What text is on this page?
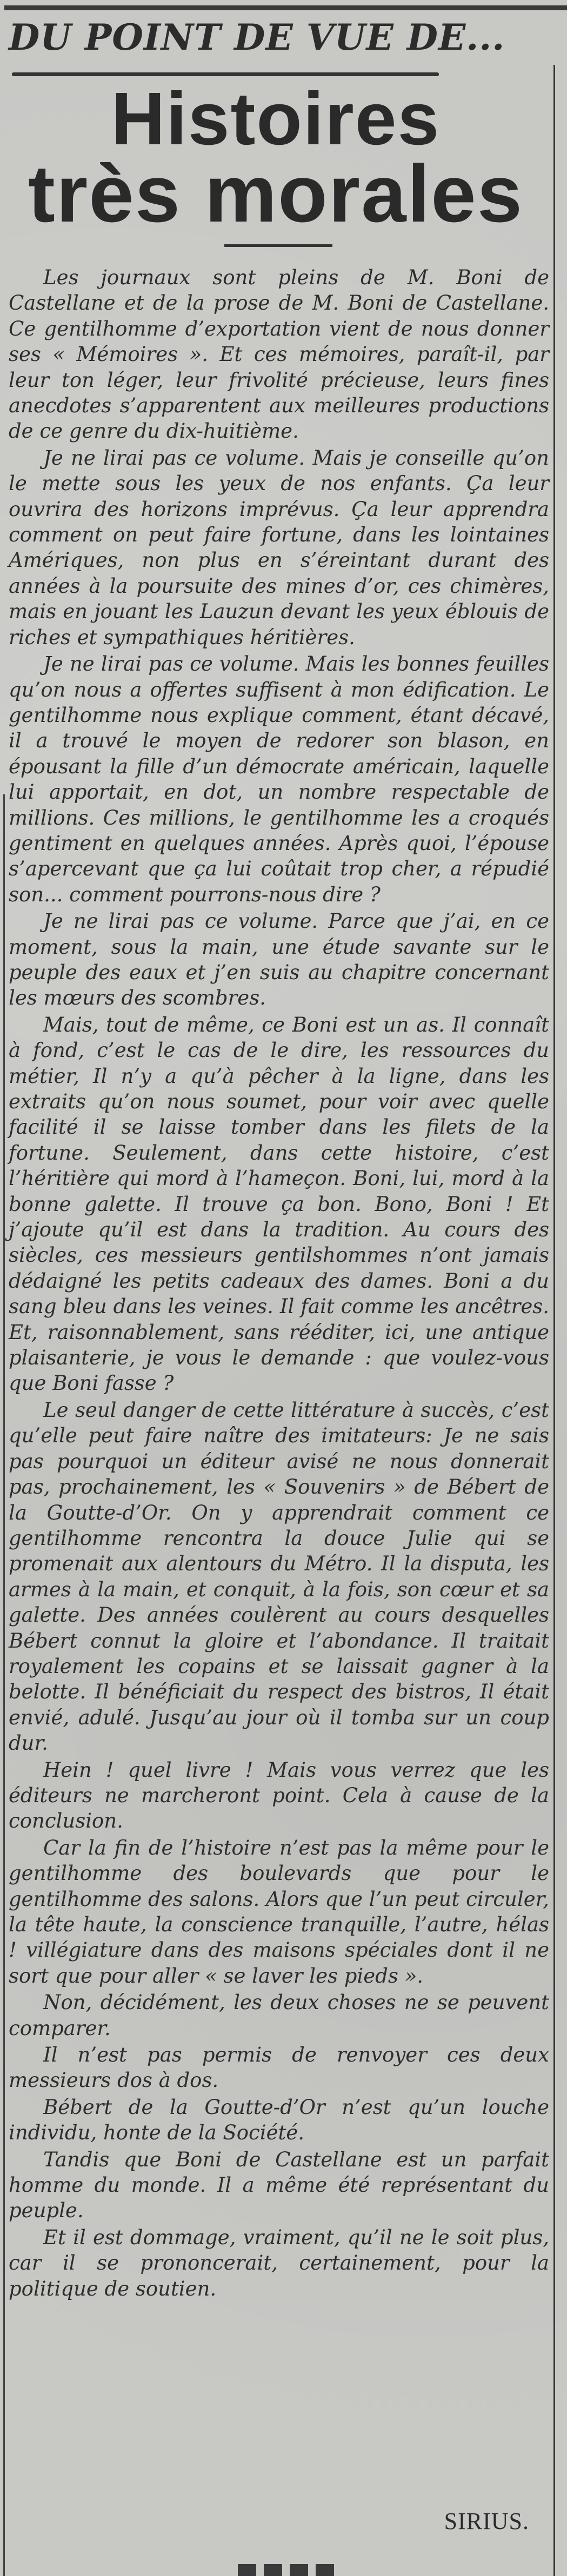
DU POINT DE VUE DE...
Histoires
très morales

Les journaux sont pleins de M. Boni de Castellane et de la prose de M. Boni de Castellane. Ce gentilhomme d’exportation vient de nous donner ses « Mémoires ». Et ces mémoires, paraît-il, par leur ton léger, leur frivolité précieuse, leurs fines anecdotes s’apparentent aux meilleures productions de ce genre du dix-huitième.

Je ne lirai pas ce volume. Mais je conseille qu’on le mette sous les yeux de nos enfants. Ça leur ouvrira des horizons imprévus. Ça leur apprendra comment on peut faire fortune, dans les lointaines Amériques, non plus en s’éreintant durant des années à la poursuite des mines d’or, ces chimères, mais en jouant les Lauzun devant les yeux éblouis de riches et sympathiques héritières.

Je ne lirai pas ce volume. Mais les bonnes feuilles qu’on nous a offertes suffisent à mon édification. Le gentilhomme nous explique comment, étant décavé, il a trouvé le moyen de redorer son blason, en épousant la fille d’un démocrate américain, laquelle lui apportait, en dot, un nombre respectable de millions. Ces millions, le gentilhomme les a croqués gentiment en quelques années. Après quoi, l’épouse s’apercevant que ça lui coûtait trop cher, a répudié son... comment pourrons-nous dire ?

Je ne lirai pas ce volume. Parce que j’ai, en ce moment, sous la main, une étude savante sur le peuple des eaux et j’en suis au chapitre concernant les mœurs des scombres.

Mais, tout de même, ce Boni est un as. Il connaît à fond, c’est le cas de le dire, les ressources du métier, Il n’y a qu’à pêcher à la ligne, dans les extraits qu’on nous soumet, pour voir avec quelle facilité il se laisse tomber dans les filets de la fortune. Seulement, dans cette histoire, c’est l’héritière qui mord à l’hameçon. Boni, lui, mord à la bonne galette. Il trouve ça bon. Bono, Boni ! Et j’ajoute qu’il est dans la tradition. Au cours des siècles, ces messieurs gentilshommes n’ont jamais dédaigné les petits cadeaux des dames. Boni a du sang bleu dans les veines. Il fait comme les ancêtres. Et, raisonnablement, sans rééditer, ici, une antique plaisanterie, je vous le demande : que voulez-vous que Boni fasse ?

Le seul danger de cette littérature à succès, c’est qu’elle peut faire naître des imitateurs: Je ne sais pas pourquoi un éditeur avisé ne nous donnerait pas, prochainement, les « Souvenirs » de Bébert de la Goutte-d’Or. On y apprendrait comment ce gentilhomme rencontra la douce Julie qui se promenait aux alentours du Métro. Il la disputa, les armes à la main, et conquit, à la fois, son cœur et sa galette. Des années coulèrent au cours desquelles Bébert connut la gloire et l’abondance. Il traitait royalement les copains et se laissait gagner à la belotte. Il bénéficiait du respect des bistros, Il était envié, adulé. Jusqu’au jour où il tomba sur un coup dur.

Hein ! quel livre ! Mais vous verrez que les éditeurs ne marcheront point. Cela à cause de la conclusion.

Car la fin de l’histoire n’est pas la même pour le gentilhomme des boulevards que pour le gentilhomme des salons. Alors que l’un peut circuler, la tête haute, la conscience tranquille, l’autre, hélas ! villégiature dans des maisons spéciales dont il ne sort que pour aller « se laver les pieds ».

Non, décidément, les deux choses ne se peuvent comparer.

Il n’est pas permis de renvoyer ces deux messieurs dos à dos.

Bébert de la Goutte-d’Or n’est qu’un louche individu, honte de la Société.

Tandis que Boni de Castellane est un parfait homme du monde. Il a même été représentant du peuple.

Et il est dommage, vraiment, qu’il ne le soit plus, car il se prononcerait, certainement, pour la politique de soutien.

SIRIUS.
